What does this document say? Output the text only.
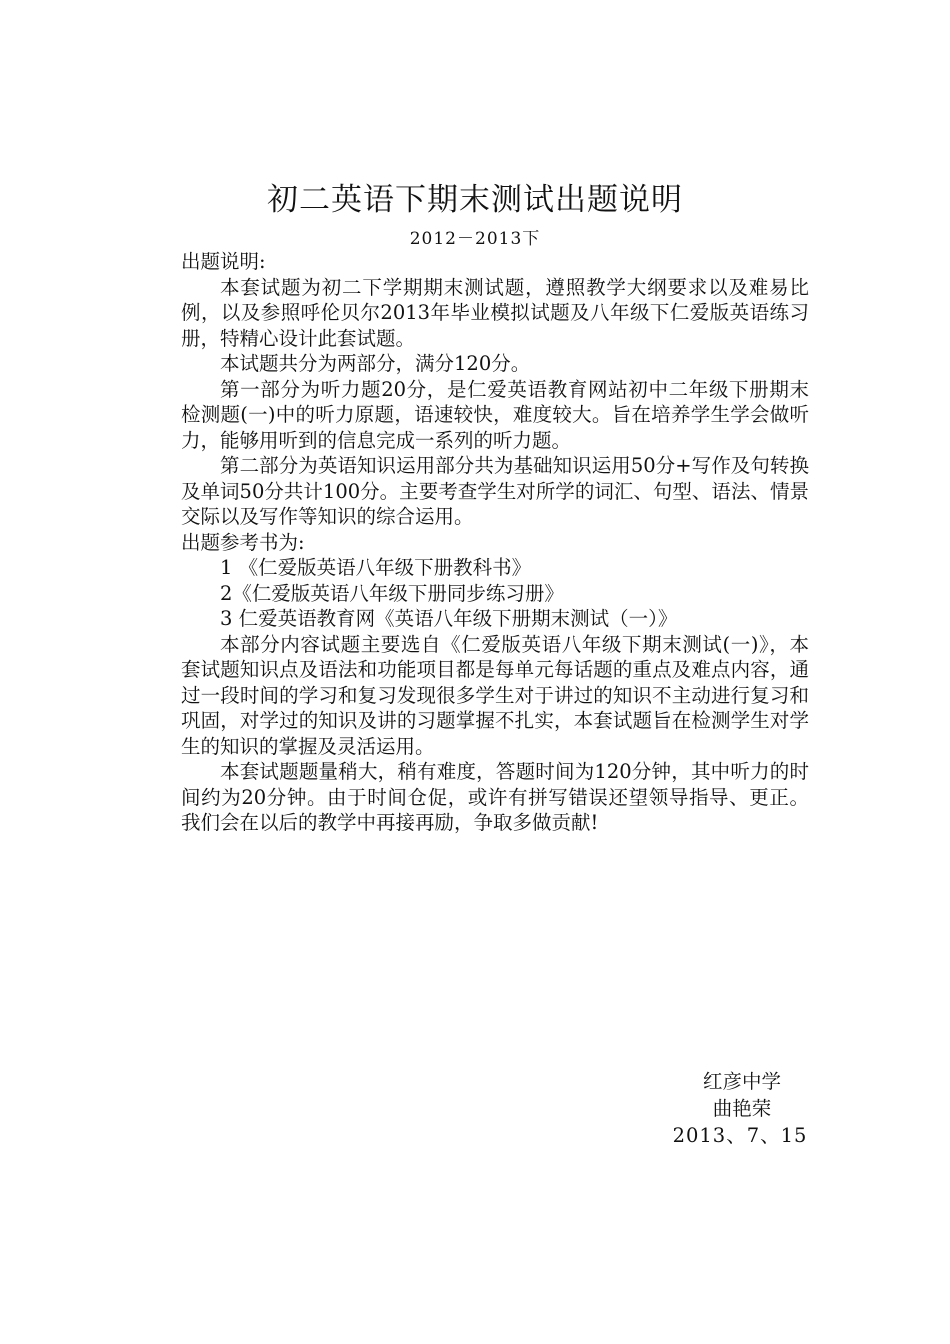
初二英语下期末测试出题说明
2012－2013下

出题说明:

本套试题为初二下学期期末测试题，遵照教学大纲要求以及难易比例，以及参照呼伦贝尔2013年毕业模拟试题及八年级下仁爱版英语练习册，特精心设计此套试题。

本试题共分为两部分，满分120分。

第一部分为听力题20分，是仁爱英语教育网站初中二年级下册期末检测题(一)中的听力原题，语速较快，难度较大。旨在培养学生学会做听力，能够用听到的信息完成一系列的听力题。

第二部分为英语知识运用部分共为基础知识运用50分+写作及句转换及单词50分共计100分。主要考查学生对所学的词汇、句型、语法、情景交际以及写作等知识的综合运用。

出题参考书为:

1 《仁爱版英语八年级下册教科书》

2《仁爱版英语八年级下册同步练习册》

3 仁爱英语教育网《英语八年级下册期末测试（一）》

本部分内容试题主要选自《仁爱版英语八年级下期末测试(一)》，本套试题知识点及语法和功能项目都是每单元每话题的重点及难点内容，通过一段时间的学习和复习发现很多学生对于讲过的知识不主动进行复习和巩固，对学过的知识及讲的习题掌握不扎实，本套试题旨在检测学生对学生的知识的掌握及灵活运用。

本套试题题量稍大，稍有难度，答题时间为120分钟，其中听力的时间约为20分钟。由于时间仓促，或许有拼写错误还望领导指导、更正。我们会在以后的教学中再接再励，争取多做贡献!

红彦中学
曲艳荣
2013、7、15
